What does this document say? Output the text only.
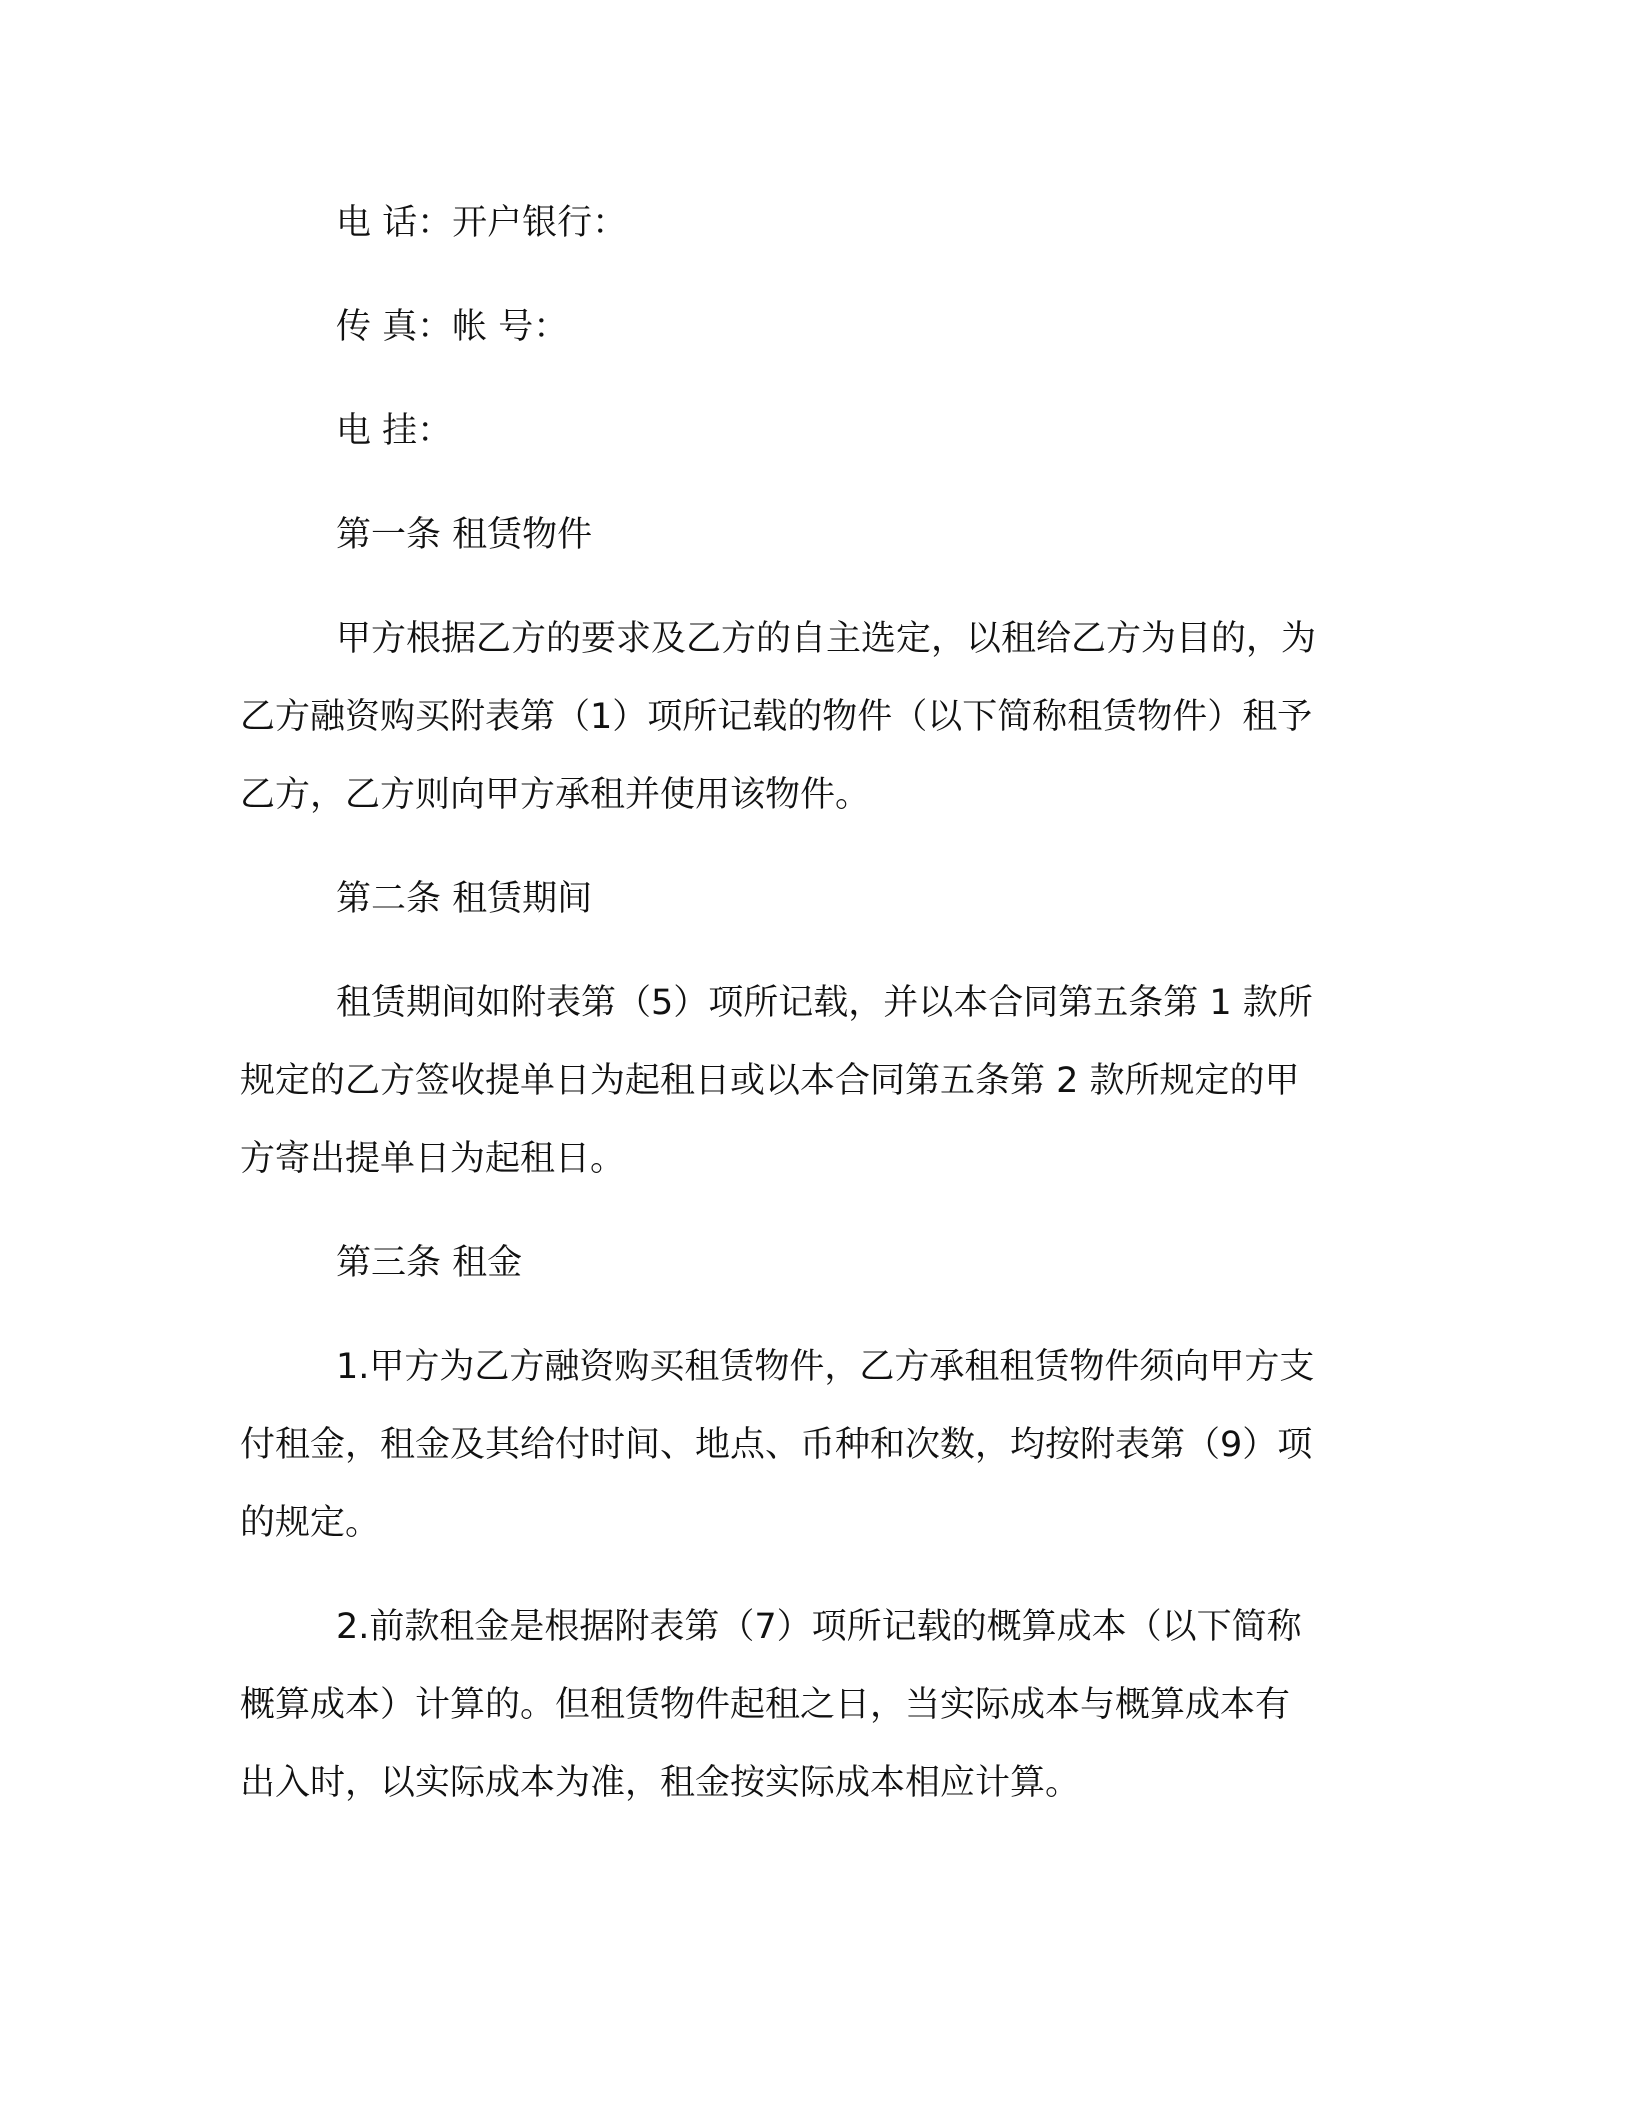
电 话：开户银行：

传 真：帐 号：

电 挂：

第一条 租赁物件

甲方根据乙方的要求及乙方的自主选定，以租给乙方为目的，为

乙方融资购买附表第（1）项所记载的物件（以下简称租赁物件）租予

乙方，乙方则向甲方承租并使用该物件。

第二条 租赁期间

租赁期间如附表第（5）项所记载，并以本合同第五条第 1 款所

规定的乙方签收提单日为起租日或以本合同第五条第 2 款所规定的甲

方寄出提单日为起租日。

第三条 租金

1.甲方为乙方融资购买租赁物件，乙方承租租赁物件须向甲方支

付租金，租金及其给付时间、地点、币种和次数，均按附表第（9）项

的规定。

2.前款租金是根据附表第（7）项所记载的概算成本（以下简称

概算成本）计算的。但租赁物件起租之日，当实际成本与概算成本有

出入时，以实际成本为准，租金按实际成本相应计算。
